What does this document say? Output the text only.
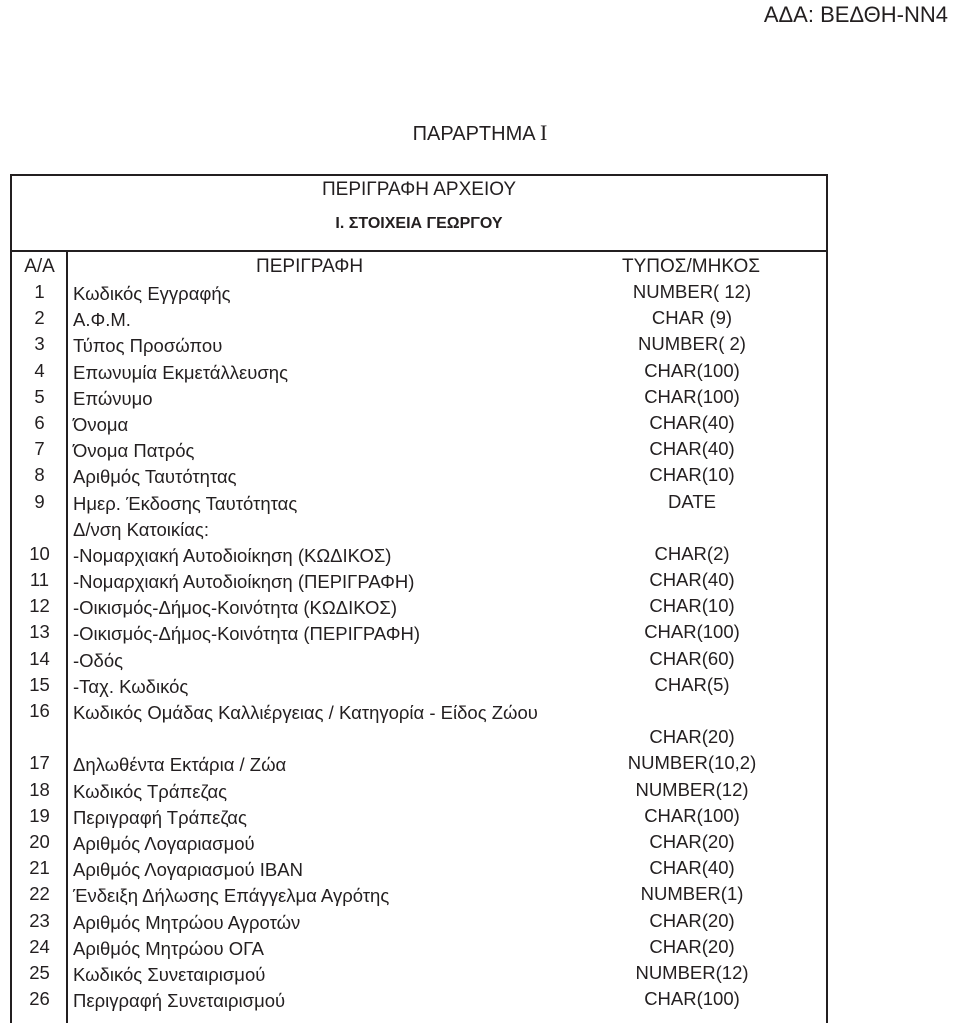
ΑΔΑ: ΒΕΔΘΗ-ΝΝ4
ΠΑΡΑΡΤΗΜΑ I
ΠΕΡΙΓΡΑΦΗ ΑΡΧΕΙΟΥ
I. ΣΤΟΙΧΕΙΑ ΓΕΩΡΓΟΥ
Α/Α	ΠΕΡΙΓΡΑΦΗ	ΤΥΠΟΣ/ΜΗΚΟΣ
1	Κωδικός Εγγραφής	NUMBER( 12)
2	Α.Φ.Μ.	CHAR (9)
3	Τύπος Προσώπου	NUMBER( 2)
4	Επωνυμία Εκμετάλλευσης	CHAR(100)
5	Επώνυμο	CHAR(100)
6	Όνομα	CHAR(40)
7	Όνομα Πατρός	CHAR(40)
8	Αριθμός Ταυτότητας	CHAR(10)
9	Ημερ. Έκδοσης Ταυτότητας	DATE
Δ/νση Κατοικίας:
10	-Νομαρχιακή Αυτοδιοίκηση (ΚΩΔΙΚΟΣ)	CHAR(2)
11	-Νομαρχιακή Αυτοδιοίκηση (ΠΕΡΙΓΡΑΦΗ)	CHAR(40)
12	-Οικισμός-Δήμος-Κοινότητα (ΚΩΔΙΚΟΣ)	CHAR(10)
13	-Οικισμός-Δήμος-Κοινότητα (ΠΕΡΙΓΡΑΦΗ)	CHAR(100)
14	-Οδός	CHAR(60)
15	-Ταχ. Κωδικός	CHAR(5)
16	Κωδικός Ομάδας Καλλιέργειας / Κατηγορία - Είδος Ζώου
CHAR(20)
17	Δηλωθέντα Εκτάρια / Ζώα	NUMBER(10,2)
18	Κωδικός Τράπεζας	NUMBER(12)
19	Περιγραφή Τράπεζας	CHAR(100)
20	Αριθμός Λογαριασμού	CHAR(20)
21	Αριθμός Λογαριασμού IBAN	CHAR(40)
22	Ένδειξη Δήλωσης Επάγγελμα Αγρότης	NUMBER(1)
23	Αριθμός Μητρώου Αγροτών	CHAR(20)
24	Αριθμός Μητρώου ΟΓΑ	CHAR(20)
25	Κωδικός Συνεταιρισμού	NUMBER(12)
26	Περιγραφή Συνεταιρισμού	CHAR(100)
